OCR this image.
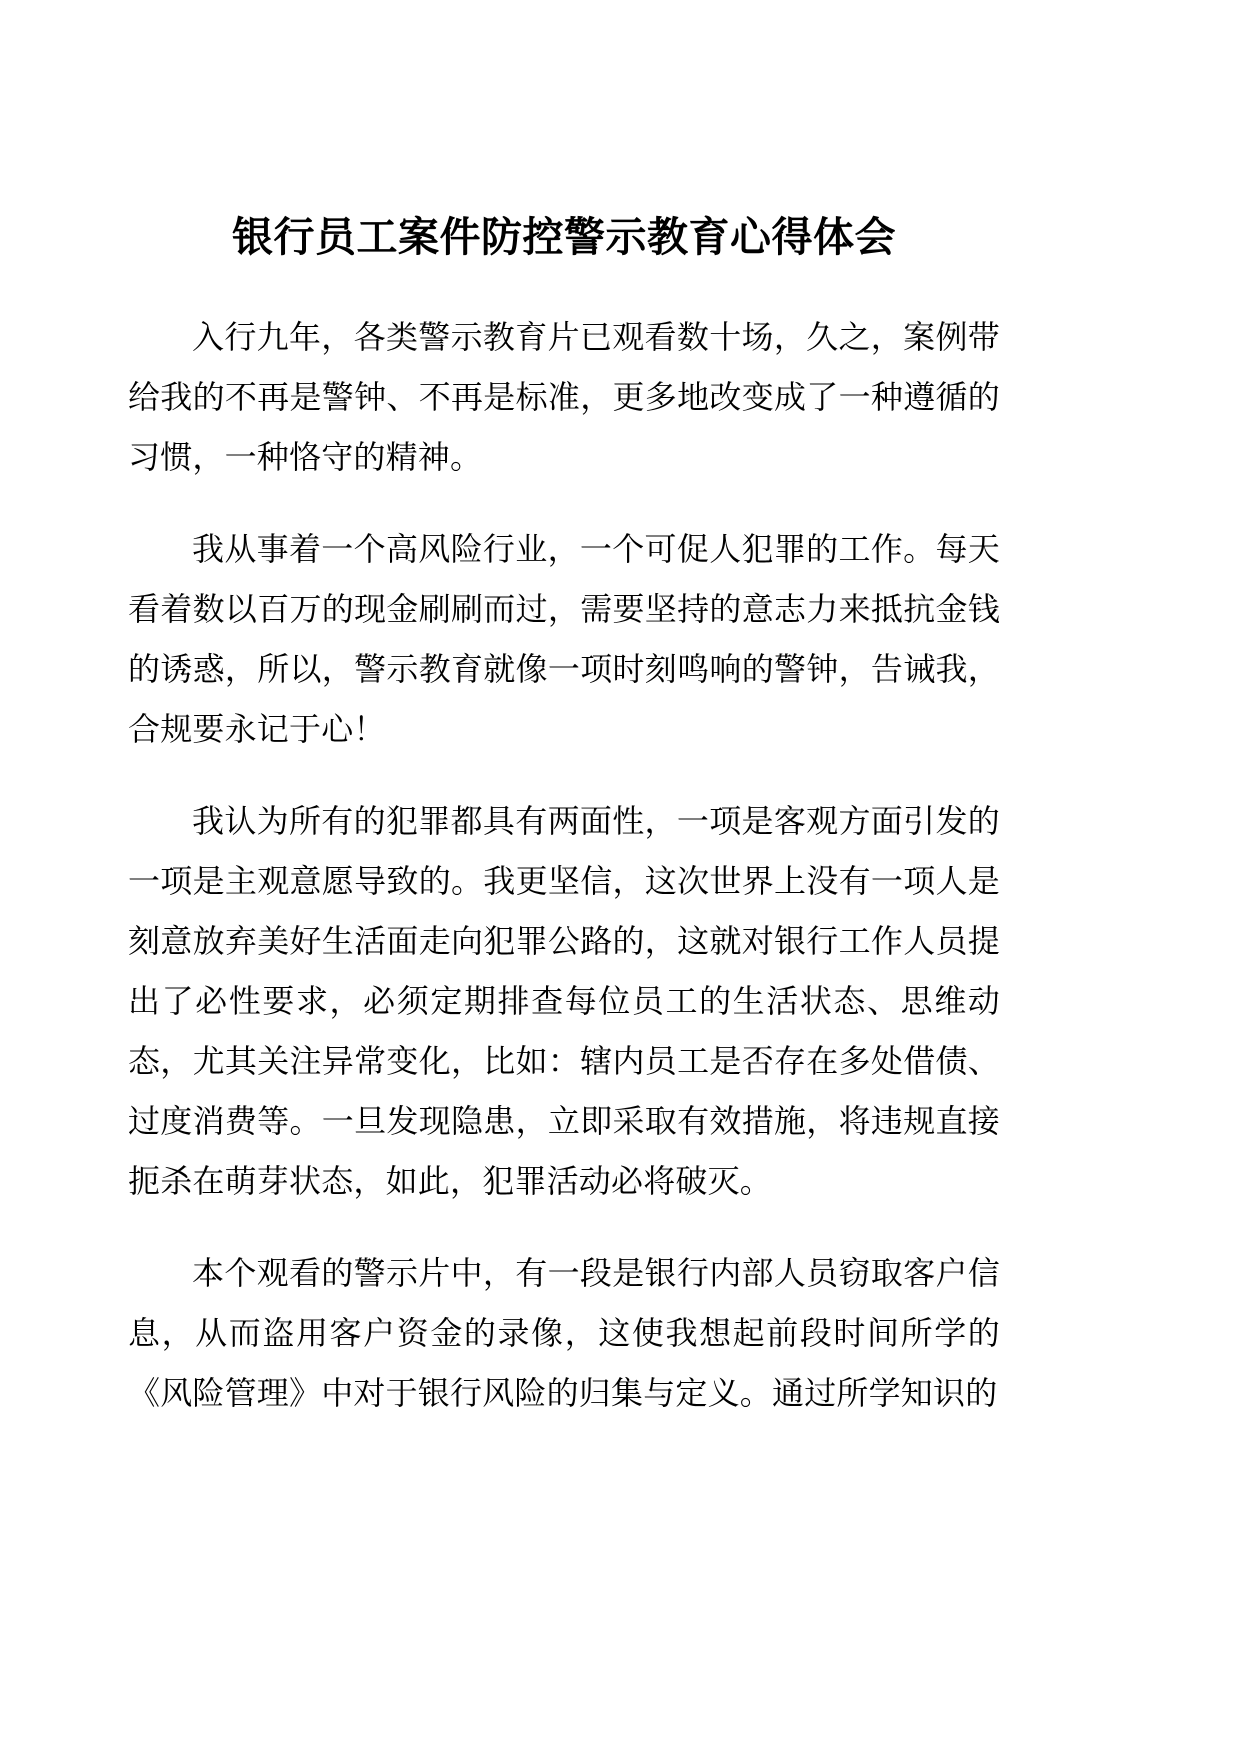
银行员工案件防控警示教育心得体会

入行九年，各类警示教育片已观看数十场，久之，案例带给我的不再是警钟、不再是标准，更多地改变成了一种遵循的习惯，一种恪守的精神。

我从事着一个高风险行业，一个可促人犯罪的工作。每天看着数以百万的现金刷刷而过，需要坚持的意志力来抵抗金钱的诱惑，所以，警示教育就像一项时刻鸣响的警钟，告诫我，合规要永记于心！

我认为所有的犯罪都具有两面性，一项是客观方面引发的一项是主观意愿导致的。我更坚信，这次世界上没有一项人是刻意放弃美好生活面走向犯罪公路的，这就对银行工作人员提出了必性要求，必须定期排查每位员工的生活状态、思维动态，尤其关注异常变化，比如：辖内员工是否存在多处借债、过度消费等。一旦发现隐患，立即采取有效措施，将违规直接扼杀在萌芽状态，如此，犯罪活动必将破灭。

本个观看的警示片中，有一段是银行内部人员窃取客户信息，从而盗用客户资金的录像，这使我想起前段时间所学的《风险管理》中对于银行风险的归集与定义。通过所学知识的
